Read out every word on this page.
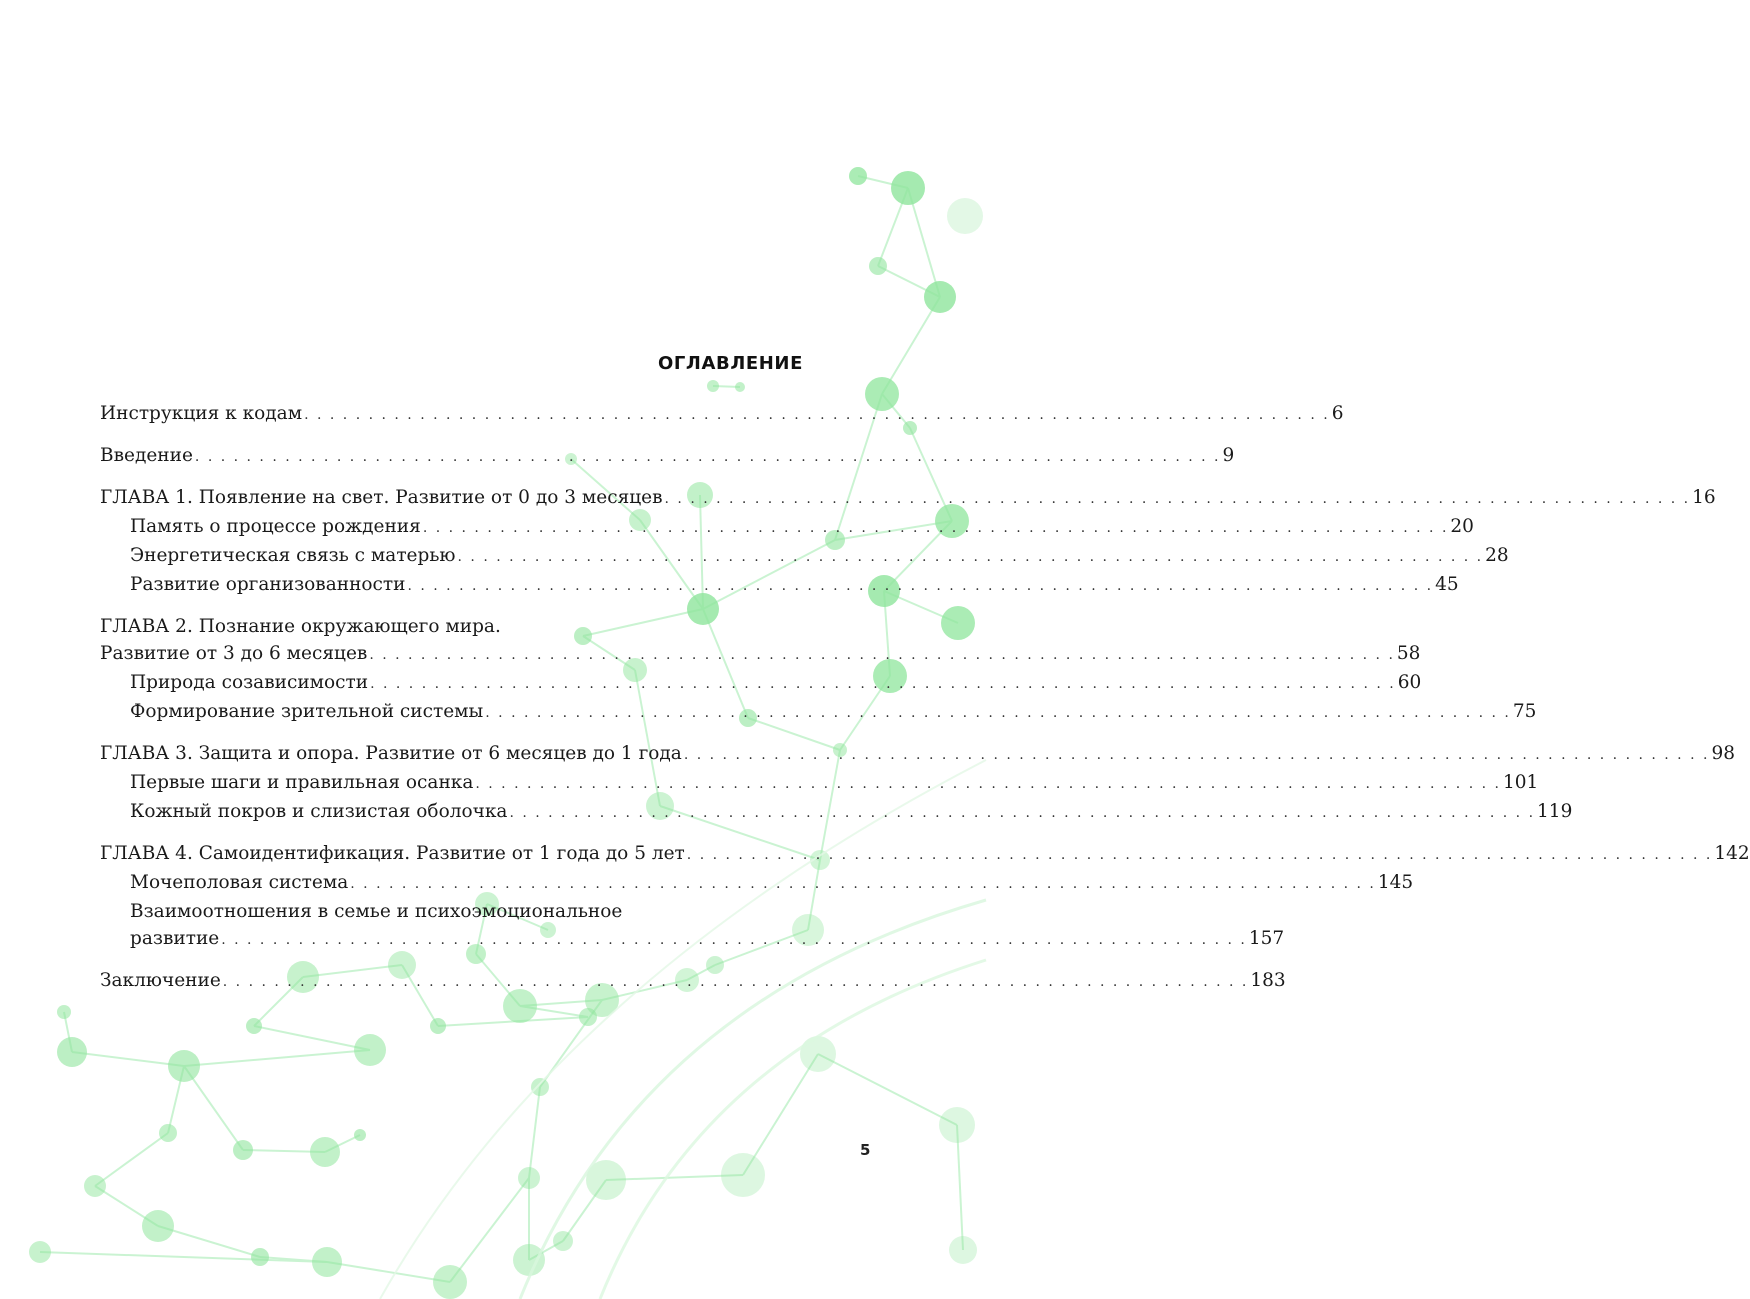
ОГЛАВЛЕНИЕ
Инструкция к кодам . . . . . . . . . . . . . . . . . . . . . . . . . . . . . . . . . . . . . . . . . . . . . . . . . . . . . . . . . . . . . . . . . . . . . . . . . . . . . . . . 6
Введение . . . . . . . . . . . . . . . . . . . . . . . . . . . . . . . . . . . . . . . . . . . . . . . . . . . . . . . . . . . . . . . . . . . . . . . . . . . . . . . . 9
ГЛАВА 1. Появление на свет. Развитие от 0 до 3 месяцев . . . . . . . . . . . . . . . . . . . . . . . . . . . . . . . . . . . . . . . . . . . . . . . . . . . . . . . . . . . . . . . . . . . . . . . . . . . . . . . . 16
Память о процессе рождения . . . . . . . . . . . . . . . . . . . . . . . . . . . . . . . . . . . . . . . . . . . . . . . . . . . . . . . . . . . . . . . . . . . . . . . . . . . . . . . . 20
Энергетическая связь с матерью . . . . . . . . . . . . . . . . . . . . . . . . . . . . . . . . . . . . . . . . . . . . . . . . . . . . . . . . . . . . . . . . . . . . . . . . . . . . . . . . 28
Развитие организованности . . . . . . . . . . . . . . . . . . . . . . . . . . . . . . . . . . . . . . . . . . . . . . . . . . . . . . . . . . . . . . . . . . . . . . . . . . . . . . . . 45
ГЛАВА 2. Познание окружающего мира.
Развитие от 3 до 6 месяцев . . . . . . . . . . . . . . . . . . . . . . . . . . . . . . . . . . . . . . . . . . . . . . . . . . . . . . . . . . . . . . . . . . . . . . . . . . . . . . . . 58
Природа созависимости . . . . . . . . . . . . . . . . . . . . . . . . . . . . . . . . . . . . . . . . . . . . . . . . . . . . . . . . . . . . . . . . . . . . . . . . . . . . . . . . 60
Формирование зрительной системы . . . . . . . . . . . . . . . . . . . . . . . . . . . . . . . . . . . . . . . . . . . . . . . . . . . . . . . . . . . . . . . . . . . . . . . . . . . . . . . . 75
ГЛАВА 3. Защита и опора. Развитие от 6 месяцев до 1 года . . . . . . . . . . . . . . . . . . . . . . . . . . . . . . . . . . . . . . . . . . . . . . . . . . . . . . . . . . . . . . . . . . . . . . . . . . . . . . . . 98
Первые шаги и правильная осанка . . . . . . . . . . . . . . . . . . . . . . . . . . . . . . . . . . . . . . . . . . . . . . . . . . . . . . . . . . . . . . . . . . . . . . . . . . . . . . . . 101
Кожный покров и слизистая оболочка . . . . . . . . . . . . . . . . . . . . . . . . . . . . . . . . . . . . . . . . . . . . . . . . . . . . . . . . . . . . . . . . . . . . . . . . . . . . . . . . 119
ГЛАВА 4. Самоидентификация. Развитие от 1 года до 5 лет . . . . . . . . . . . . . . . . . . . . . . . . . . . . . . . . . . . . . . . . . . . . . . . . . . . . . . . . . . . . . . . . . . . . . . . . . . . . . . . . 142
Мочеполовая система . . . . . . . . . . . . . . . . . . . . . . . . . . . . . . . . . . . . . . . . . . . . . . . . . . . . . . . . . . . . . . . . . . . . . . . . . . . . . . . . 145
Взаимоотношения в семье и психоэмоциональное
развитие . . . . . . . . . . . . . . . . . . . . . . . . . . . . . . . . . . . . . . . . . . . . . . . . . . . . . . . . . . . . . . . . . . . . . . . . . . . . . . . . 157
Заключение . . . . . . . . . . . . . . . . . . . . . . . . . . . . . . . . . . . . . . . . . . . . . . . . . . . . . . . . . . . . . . . . . . . . . . . . . . . . . . . . 183
5
